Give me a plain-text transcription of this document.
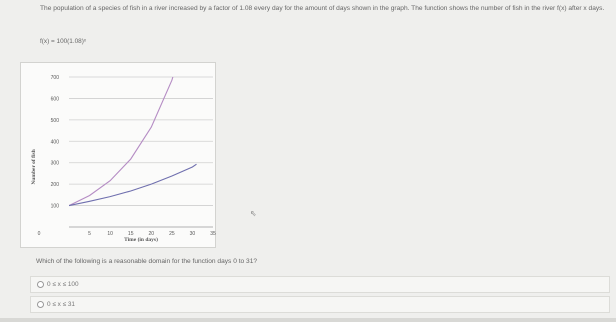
The population of a species of fish in a river increased by a factor of 1.08 every day for the amount of days shown in the graph. The function shows the number of fish in the river f(x) after x days.
f(x) = 100(1.08)ˣ
100
200
300
400
500
600
700
0	5	10	15	20	25	30	35
Time (in days)
Number of fish
⇖
Which of the following is a reasonable domain for the function days 0 to 31?
0 ≤ x ≤ 100
0 ≤ x ≤ 31
